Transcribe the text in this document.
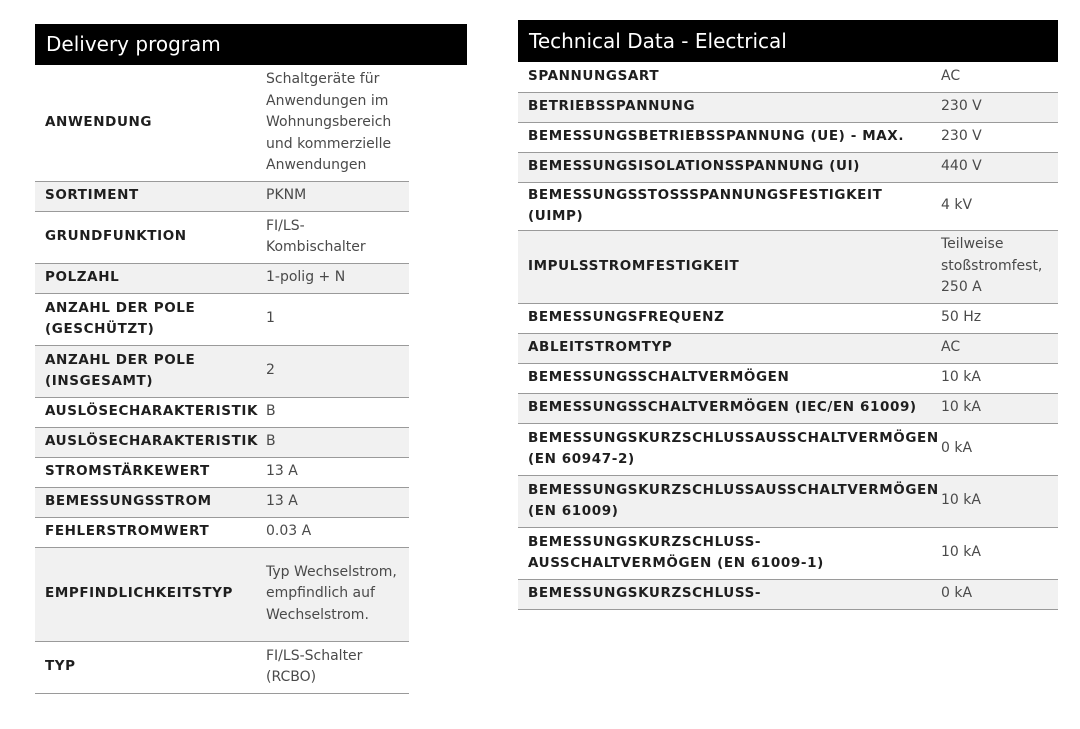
Delivery program
ANWENDUNG	Schaltgeräte für Anwendungen im Wohnungsbereich und kommerzielle Anwendungen
SORTIMENT	PKNM
GRUNDFUNKTION	FI/LS-Kombischalter
POLZAHL	1-polig + N
ANZAHL DER POLE (GESCHÜTZT)	1
ANZAHL DER POLE (INSGESAMT)	2
AUSLÖSECHARAKTERISTIK	B
AUSLÖSECHARAKTERISTIK	B
STROMSTÄRKEWERT	13 A
BEMESSUNGSSTROM	13 A
FEHLERSTROMWERT	0.03 A
EMPFINDLICHKEITSTYP	Typ Wechselstrom, empfindlich auf Wechselstrom.
TYP	FI/LS-Schalter (RCBO)
Technical Data - Electrical
SPANNUNGSART	AC
BETRIEBSSPANNUNG	230 V
BEMESSUNGSBETRIEBSSPANNUNG (UE) - MAX.	230 V
BEMESSUNGSISOLATIONSSPANNUNG (UI)	440 V
BEMESSUNGSSTOSSSPANNUNGSFESTIGKEIT (UIMP)	4 kV
IMPULSSTROMFESTIGKEIT	Teilweise stoßstromfest, 250 A
BEMESSUNGSFREQUENZ	50 Hz
ABLEITSTROMTYP	AC
BEMESSUNGSSCHALTVERMÖGEN	10 kA
BEMESSUNGSSCHALTVERMÖGEN (IEC/EN 61009)	10 kA
BEMESSUNGSKURZSCHLUSSAUSSCHALTVERMÖGEN (EN 60947-2)	0 kA
BEMESSUNGSKURZSCHLUSSAUSSCHALTVERMÖGEN (EN 61009)	10 kA
BEMESSUNGSKURZSCHLUSS-AUSSCHALTVERMÖGEN (EN 61009-1)	10 kA
BEMESSUNGSKURZSCHLUSS-	0 kA
